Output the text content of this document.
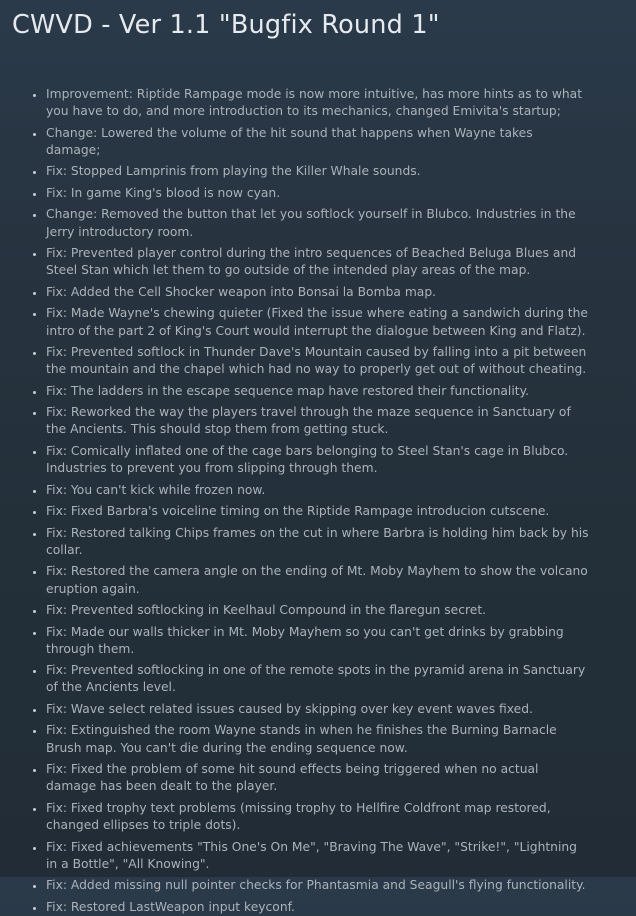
CWVD - Ver 1.1 "Bugfix Round 1"
• Improvement: Riptide Rampage mode is now more intuitive, has more hints as to what you have to do, and more introduction to its mechanics, changed Emivita's startup;
• Change: Lowered the volume of the hit sound that happens when Wayne takes damage;
• Fix: Stopped Lamprinis from playing the Killer Whale sounds.
• Fix: In game King's blood is now cyan.
• Change: Removed the button that let you softlock yourself in Blubco. Industries in the Jerry introductory room.
• Fix: Prevented player control during the intro sequences of Beached Beluga Blues and Steel Stan which let them to go outside of the intended play areas of the map.
• Fix: Added the Cell Shocker weapon into Bonsai la Bomba map.
• Fix: Made Wayne's chewing quieter (Fixed the issue where eating a sandwich during the intro of the part 2 of King's Court would interrupt the dialogue between King and Flatz).
• Fix: Prevented softlock in Thunder Dave's Mountain caused by falling into a pit between the mountain and the chapel which had no way to properly get out of without cheating.
• Fix: The ladders in the escape sequence map have restored their functionality.
• Fix: Reworked the way the players travel through the maze sequence in Sanctuary of the Ancients. This should stop them from getting stuck.
• Fix: Comically inflated one of the cage bars belonging to Steel Stan's cage in Blubco. Industries to prevent you from slipping through them.
• Fix: You can't kick while frozen now.
• Fix: Fixed Barbra's voiceline timing on the Riptide Rampage introducion cutscene.
• Fix: Restored talking Chips frames on the cut in where Barbra is holding him back by his collar.
• Fix: Restored the camera angle on the ending of Mt. Moby Mayhem to show the volcano eruption again.
• Fix: Prevented softlocking in Keelhaul Compound in the flaregun secret.
• Fix: Made our walls thicker in Mt. Moby Mayhem so you can't get drinks by grabbing through them.
• Fix: Prevented softlocking in one of the remote spots in the pyramid arena in Sanctuary of the Ancients level.
• Fix: Wave select related issues caused by skipping over key event waves fixed.
• Fix: Extinguished the room Wayne stands in when he finishes the Burning Barnacle Brush map. You can't die during the ending sequence now.
• Fix: Fixed the problem of some hit sound effects being triggered when no actual damage has been dealt to the player.
• Fix: Fixed trophy text problems (missing trophy to Hellfire Coldfront map restored, changed ellipses to triple dots).
• Fix: Fixed achievements "This One's On Me", "Braving The Wave", "Strike!", "Lightning in a Bottle", "All Knowing".
• Fix: Added missing null pointer checks for Phantasmia and Seagull's flying functionality.
• Fix: Restored LastWeapon input keyconf.
